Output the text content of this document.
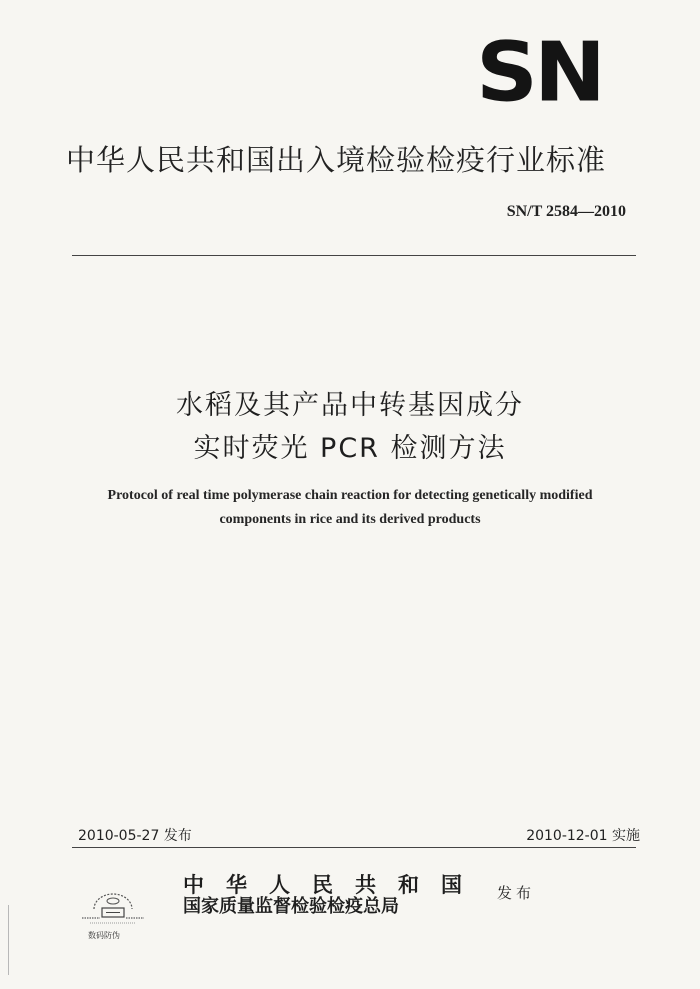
SN
中华人民共和国出入境检验检疫行业标准
SN/T 2584—2010
水稻及其产品中转基因成分
实时荧光 PCR 检测方法
Protocol of real time polymerase chain reaction for detecting genetically modified
components in rice and its derived products
2010-05-27 发布	2010-12-01 实施
中华人民共和国
国家质量监督检验检疫总局
发布
数码防伪
